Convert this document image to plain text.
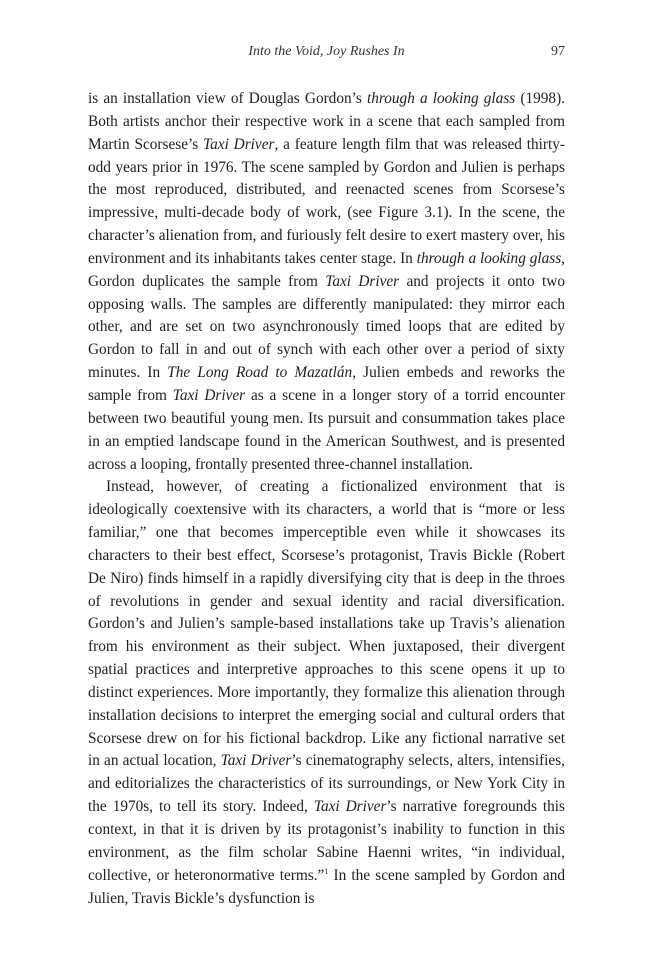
Into the Void, Joy Rushes In	97

is an installation view of Douglas Gordon’s through a looking glass (1998). Both artists anchor their respective work in a scene that each sampled from Martin Scorsese’s Taxi Driver, a feature length film that was released thirty-odd years prior in 1976. The scene sampled by Gordon and Julien is perhaps the most reproduced, distributed, and reenacted scenes from Scorsese’s impressive, multi-decade body of work, (see Figure 3.1). In the scene, the character’s alienation from, and furiously felt desire to exert mastery over, his environment and its inhabitants takes center stage. In through a looking glass, Gordon duplicates the sample from Taxi Driver and projects it onto two opposing walls. The samples are differently manipulated: they mirror each other, and are set on two asynchronously timed loops that are edited by Gordon to fall in and out of synch with each other over a period of sixty minutes. In The Long Road to Mazatlán, Julien embeds and reworks the sample from Taxi Driver as a scene in a longer story of a torrid encounter between two beautiful young men. Its pursuit and consummation takes place in an emptied landscape found in the American Southwest, and is presented across a looping, frontally presented three-channel installation.

Instead, however, of creating a fictionalized environment that is ideologically coextensive with its characters, a world that is “more or less familiar,” one that becomes imperceptible even while it showcases its characters to their best effect, Scorsese’s protagonist, Travis Bickle (Robert De Niro) finds himself in a rapidly diversifying city that is deep in the throes of revolutions in gender and sexual identity and racial diversification. Gordon’s and Julien’s sample-based installations take up Travis’s alienation from his environment as their subject. When juxtaposed, their divergent spatial practices and interpretive approaches to this scene opens it up to distinct experiences. More importantly, they formalize this alienation through installation decisions to interpret the emerging social and cultural orders that Scorsese drew on for his fictional backdrop. Like any fictional narrative set in an actual location, Taxi Driver’s cinematography selects, alters, intensifies, and editorializes the characteristics of its surroundings, or New York City in the 1970s, to tell its story. Indeed, Taxi Driver’s narrative foregrounds this context, in that it is driven by its protagonist’s inability to function in this environment, as the film scholar Sabine Haenni writes, “in individual, collective, or heteronormative terms.”$^1$ In the scene sampled by Gordon and Julien, Travis Bickle’s dysfunction is
